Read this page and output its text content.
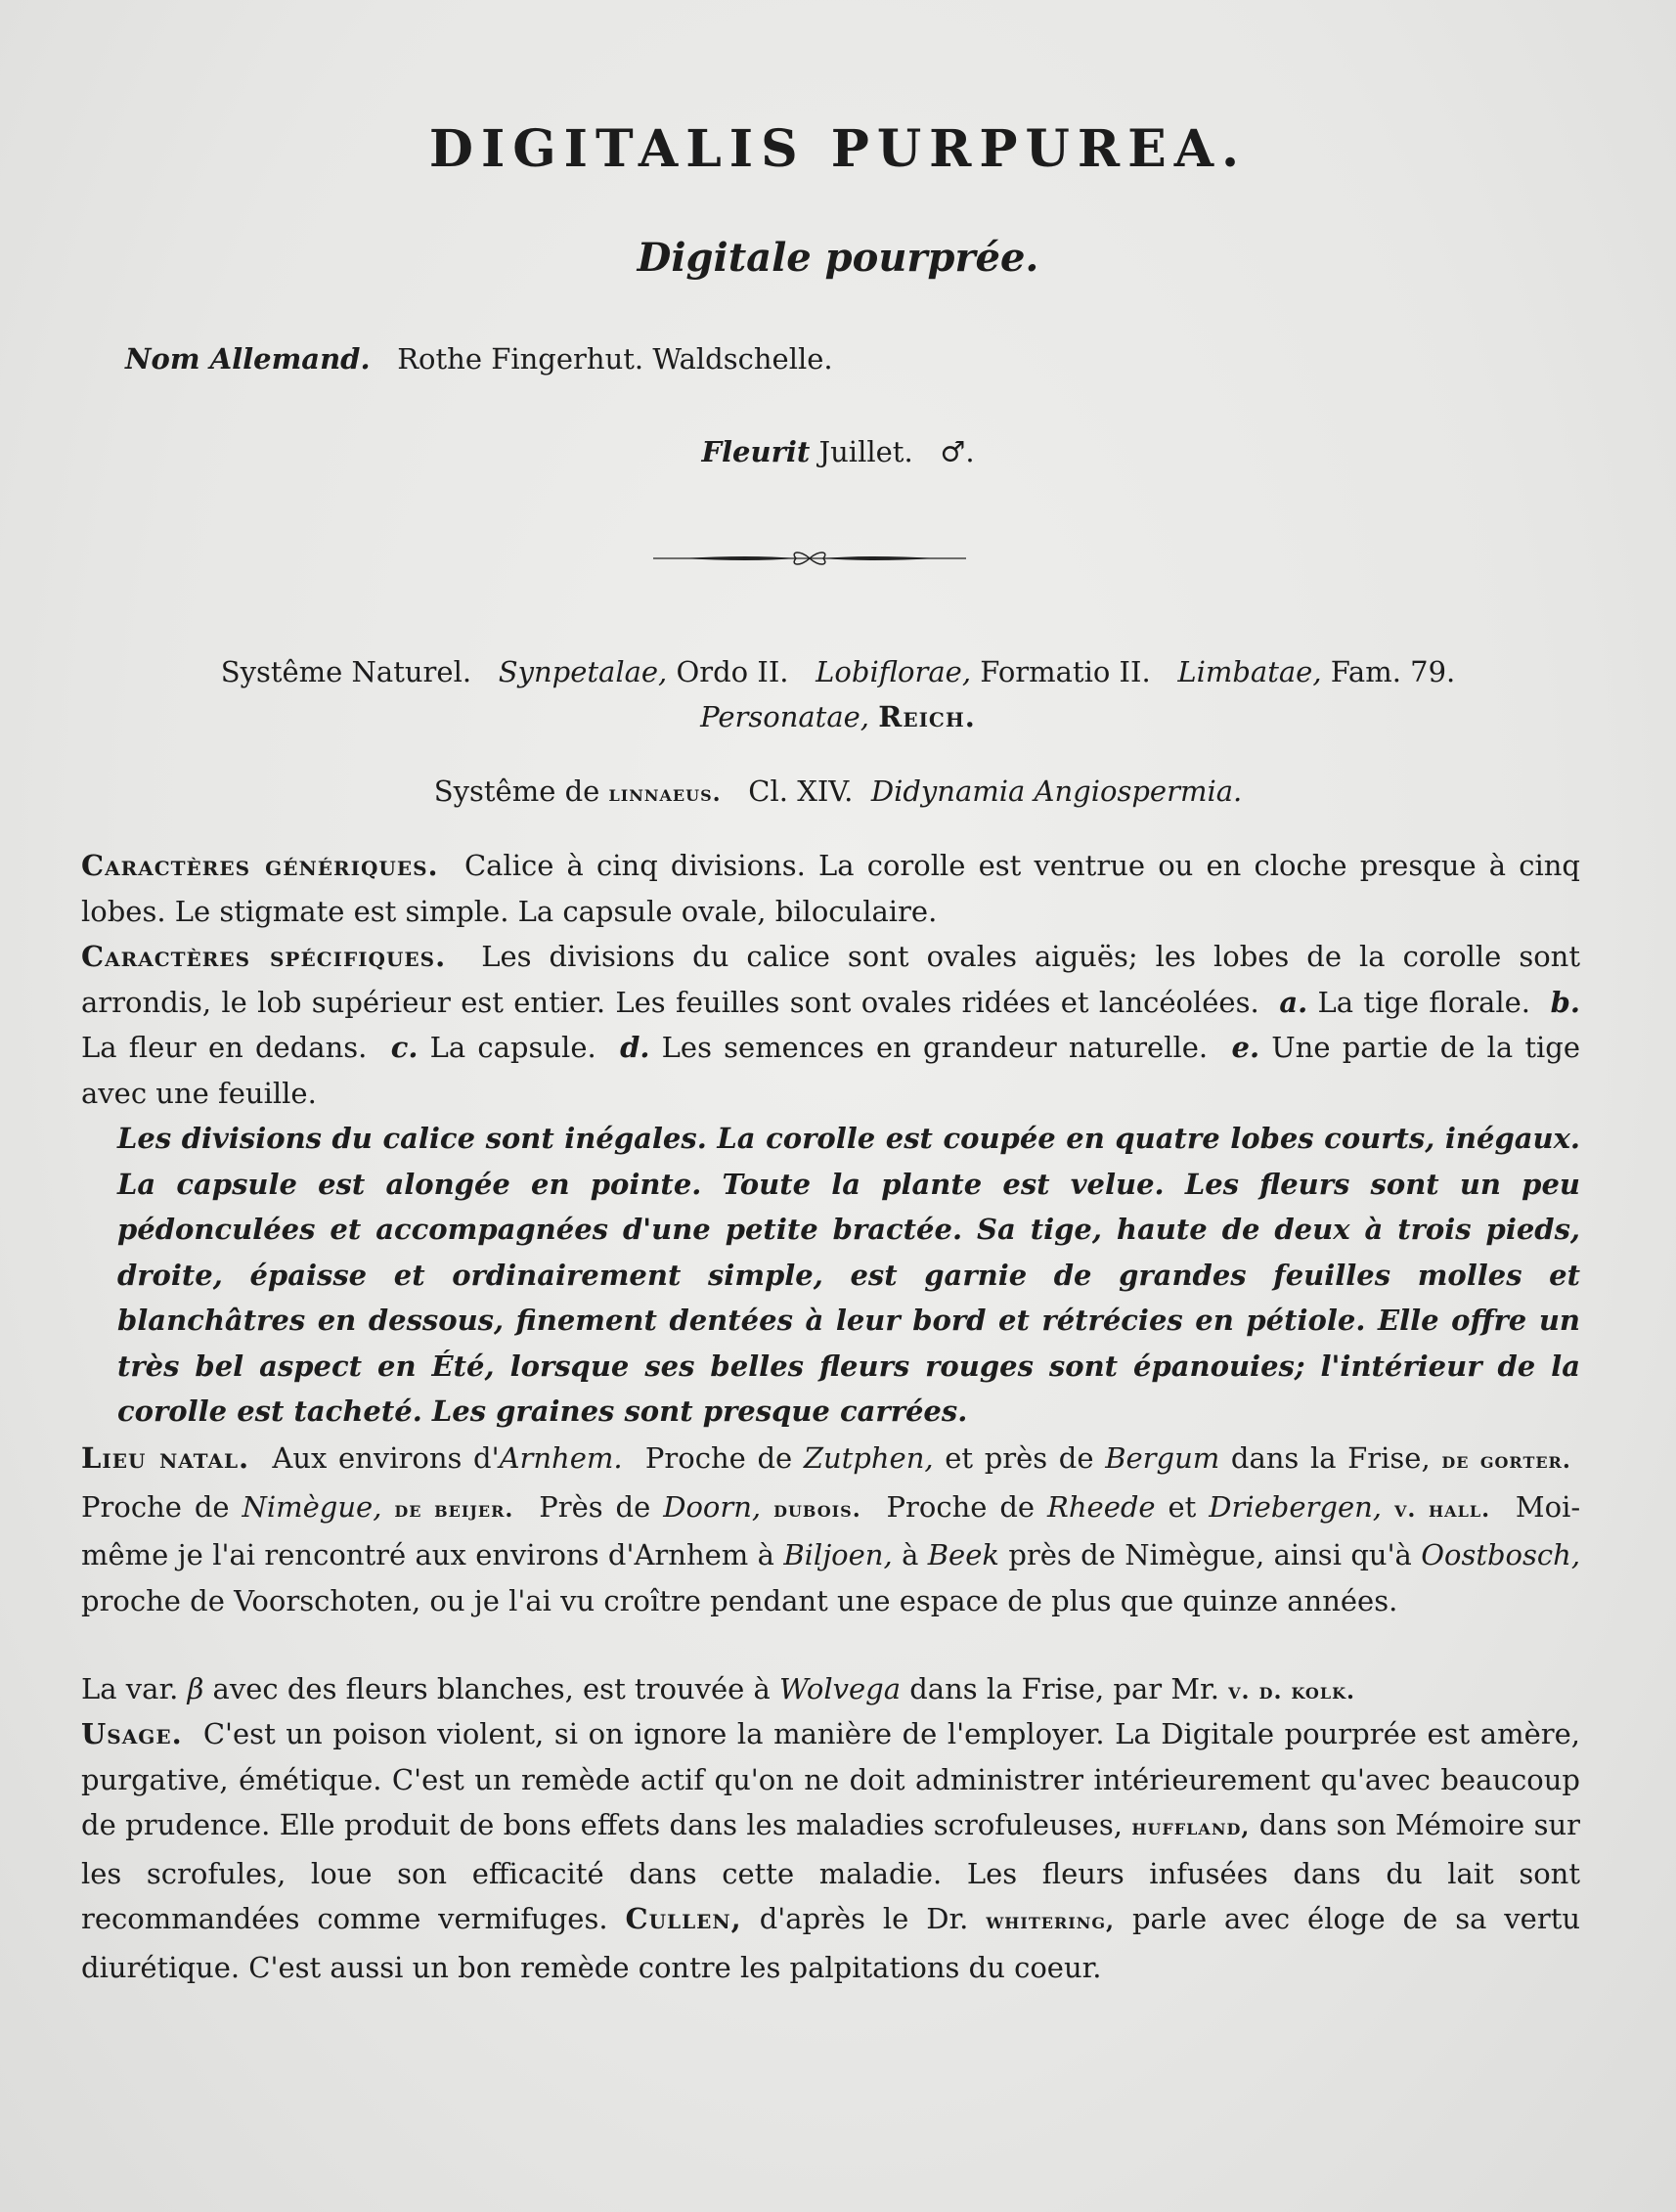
DIGITALIS PURPUREA.
Digitale pourprée.
Nom Allemand. Rothe Fingerhut. Waldschelle.
Fleurit Juillet. ♂.
Systême Naturel. Synpetalae, Ordo II. Lobiflorae, Formatio II. Limbatae, Fam. 79.
Personatae, Reich.
Systême de linnaeus. Cl. XIV. Didynamia Angiospermia.
Caractères génériques. Calice à cinq divisions. La corolle est ventrue ou en cloche presque à cinq lobes. Le stigmate est simple. La capsule ovale, biloculaire.
Caractères spécifiques. Les divisions du calice sont ovales aiguës; les lobes de la corolle sont arrondis, le lob supérieur est entier. Les feuilles sont ovales ridées et lancéolées. a. La tige florale. b. La fleur en dedans. c. La capsule. d. Les semences en grandeur naturelle. e. Une partie de la tige avec une feuille.
Les divisions du calice sont inégales. La corolle est coupée en quatre lobes courts, inégaux. La capsule est alongée en pointe. Toute la plante est velue. Les fleurs sont un peu pédonculées et accompagnées d'une petite bractée. Sa tige, haute de deux à trois pieds, droite, épaisse et ordinairement simple, est garnie de grandes feuilles molles et blanchâtres en dessous, finement dentées à leur bord et rétrécies en pétiole. Elle offre un très bel aspect en Été, lorsque ses belles fleurs rouges sont épanouies; l'intérieur de la corolle est tacheté. Les graines sont presque carrées.
Lieu natal. Aux environs d'Arnhem. Proche de Zutphen, et près de Bergum dans la Frise, de gorter.  Proche de Nimègue, de beijer. Près de Doorn, dubois. Proche de Rheede et Driebergen, v. hall. Moi-même je l'ai rencontré aux environs d'Arnhem à Biljoen, à Beek près de Nimègue, ainsi qu'à Oostbosch, proche de Voorschoten, ou je l'ai vu croître pendant une espace de plus que quinze années.
La var. β avec des fleurs blanches, est trouvée à Wolvega dans la Frise, par Mr. v. d. kolk.
Usage. C'est un poison violent, si on ignore la manière de l'employer. La Digitale pourprée est amère, purgative, émétique. C'est un remède actif qu'on ne doit administrer intérieurement qu'avec beaucoup de prudence. Elle produit de bons effets dans les maladies scrofuleuses, huffland, dans son Mémoire sur les scrofules, loue son efficacité dans cette maladie. Les fleurs infusées dans du lait sont recommandées comme vermifuges. Cullen, d'après le Dr. whitering, parle avec éloge de sa vertu diurétique. C'est aussi un bon remède contre les palpitations du coeur.
